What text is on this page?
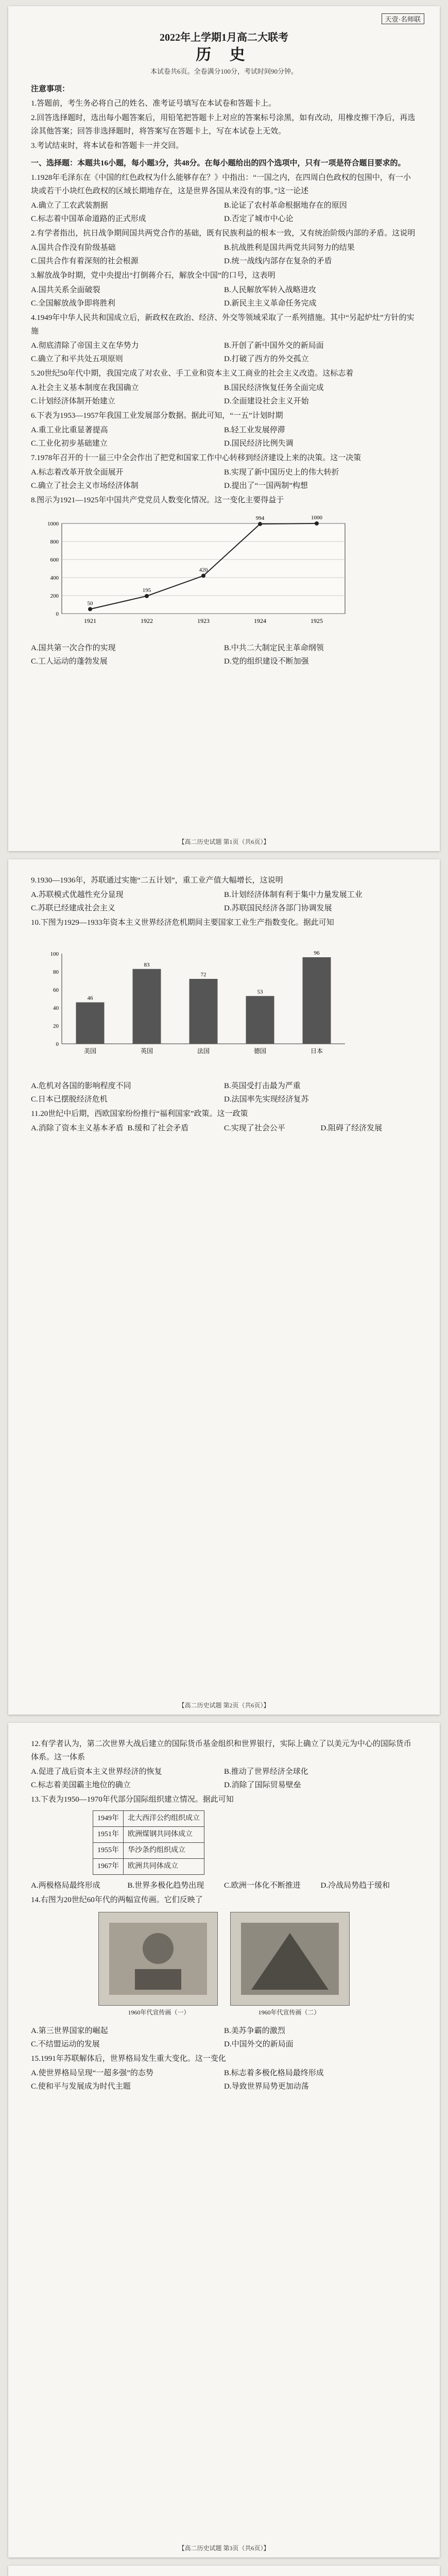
天壹·名师联
2022年上学期1月高二大联考
历 史
本试卷共6页。全卷满分100分，考试时间90分钟。
注意事项：
1.答题前，考生务必将自己的姓名、准考证号填写在本试卷和答题卡上。
2.回答选择题时，选出每小题答案后，用铅笔把答题卡上对应的答案标号涂黑，如有改动，用橡皮擦干净后，再选涂其他答案；回答非选择题时，将答案写在答题卡上，写在本试卷上无效。
3.考试结束时，将本试卷和答题卡一并交回。
一、选择题：本题共16小题，每小题3分，共48分。在每小题给出的四个选项中，只有一项是符合题目要求的。
1.1928年毛泽东在《中国的红色政权为什么能够存在？》中指出：“一国之内，在四周白色政权的包围中，有一小块或若干小块红色政权的区域长期地存在，这是世界各国从来没有的事。”这一论述
A.确立了工农武装割据	B.论证了农村革命根据地存在的原因
C.标志着中国革命道路的正式形成	D.否定了城市中心论
2.有学者指出，抗日战争期间国共两党合作的基础，既有民族利益的根本一致，又有统治阶级内部的矛盾。这说明
A.国共合作没有阶级基础	B.抗战胜利是国共两党共同努力的结果
C.国共合作有着深刻的社会根源	D.统一战线内部存在复杂的矛盾
3.解放战争时期，党中央提出“打倒蒋介石，解放全中国”的口号，这表明
A.国共关系全面破裂	B.人民解放军转入战略进攻
C.全国解放战争即将胜利	D.新民主主义革命任务完成
4.1949年中华人民共和国成立后，新政权在政治、经济、外交等领域采取了一系列措施。其中“另起炉灶”方针的实施
A.彻底清除了帝国主义在华势力	B.开创了新中国外交的新局面
C.确立了和平共处五项原则	D.打破了西方的外交孤立
5.20世纪50年代中期，我国完成了对农业、手工业和资本主义工商业的社会主义改造。这标志着
A.社会主义基本制度在我国确立	B.国民经济恢复任务全面完成
C.计划经济体制开始建立	D.全面建设社会主义开始
6.下表为1953—1957年我国工业发展部分数据。据此可知，“一五”计划时期
A.重工业比重显著提高	B.轻工业发展停滞
C.工业化初步基础建立	D.国民经济比例失调
7.1978年召开的十一届三中全会作出了把党和国家工作中心转移到经济建设上来的决策。这一决策
A.标志着改革开放全面展开	B.实现了新中国历史上的伟大转折
C.确立了社会主义市场经济体制	D.提出了“一国两制”构想
8.图示为1921—1925年中国共产党党员人数变化情况。这一变化主要得益于
0
200
400
600
800
1000
50
1921
195
1922
420
1923
994
1924
1000
1925
A.国共第一次合作的实现	B.中共二大制定民主革命纲领
C.工人运动的蓬勃发展	D.党的组织建设不断加强
【高二历史试题 第1页（共6页）】
9.1930—1936年，苏联通过实施“二五计划”，重工业产值大幅增长，这说明
A.苏联模式优越性充分显现	B.计划经济体制有利于集中力量发展工业
C.苏联已经建成社会主义	D.苏联国民经济各部门协调发展
10.下图为1929—1933年资本主义世界经济危机期间主要国家工业生产指数变化。据此可知
0
20
40
60
80
100
46
美国
83
英国
72
法国
53
德国
96
日本
A.危机对各国的影响程度不同	B.英国受打击最为严重
C.日本已摆脱经济危机	D.法国率先实现经济复苏
11.20世纪中后期，西欧国家纷纷推行“福利国家”政策。这一政策
A.消除了资本主义基本矛盾 B.缓和了社会矛盾	C.实现了社会公平	D.阻碍了经济发展
【高二历史试题 第2页（共6页）】
12.有学者认为，第二次世界大战后建立的国际货币基金组织和世界银行，实际上确立了以美元为中心的国际货币体系。这一体系
A.促进了战后资本主义世界经济的恢复	B.推动了世界经济全球化
C.标志着美国霸主地位的确立	D.消除了国际贸易壁垒
13.下表为1950—1970年代部分国际组织建立情况。据此可知
1949年	北大西洋公约组织成立
1951年	欧洲煤钢共同体成立
1955年	华沙条约组织成立
1967年	欧洲共同体成立
A.两极格局最终形成	B.世界多极化趋势出现	C.欧洲一体化不断推进	D.冷战局势趋于缓和
14.右图为20世纪60年代的两幅宣传画。它们反映了

1960年代宣传画（一）	1960年代宣传画（二）
A.第三世界国家的崛起	B.美苏争霸的激烈
C.不结盟运动的发展	D.中国外交的新局面
15.1991年苏联解体后，世界格局发生重大变化。这一变化
A.使世界格局呈现“一超多强”的态势	B.标志着多极化格局最终形成
C.使和平与发展成为时代主题	D.导致世界局势更加动荡
【高二历史试题 第3页（共6页）】
